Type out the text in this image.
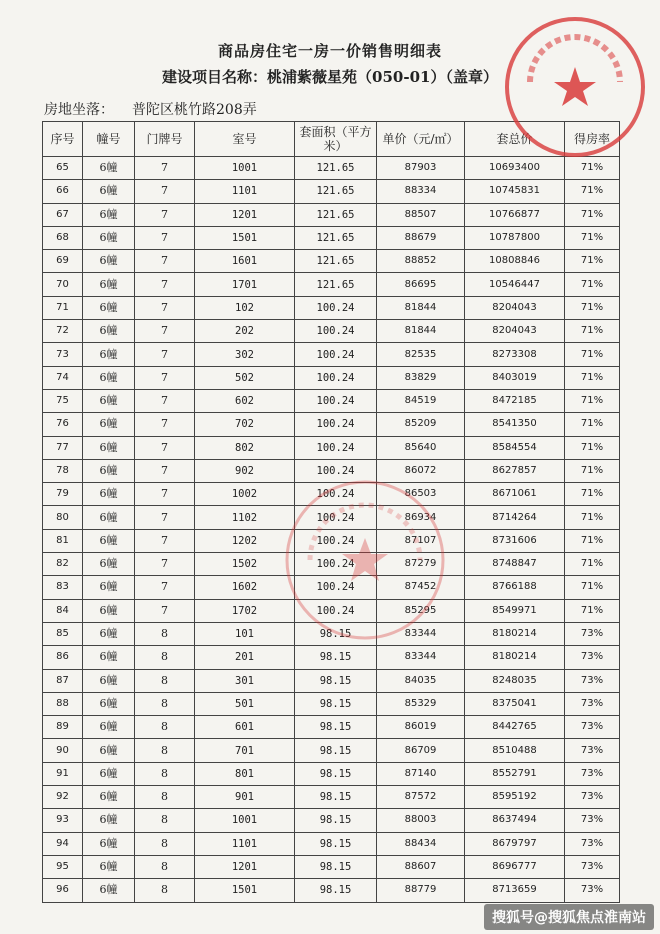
商品房住宅一房一价销售明细表
建设项目名称：桃浦紫薇星苑（050-01）（盖章）
房地坐落： 普陀区桃竹路208弄
序号	幢号	门牌号	室号	套面积（平方米）	单价（元/㎡）	套总价	得房率
65	6幢	7	1001	121.65	87903	10693400	71%
66	6幢	7	1101	121.65	88334	10745831	71%
67	6幢	7	1201	121.65	88507	10766877	71%
68	6幢	7	1501	121.65	88679	10787800	71%
69	6幢	7	1601	121.65	88852	10808846	71%
70	6幢	7	1701	121.65	86695	10546447	71%
71	6幢	7	102	100.24	81844	8204043	71%
72	6幢	7	202	100.24	81844	8204043	71%
73	6幢	7	302	100.24	82535	8273308	71%
74	6幢	7	502	100.24	83829	8403019	71%
75	6幢	7	602	100.24	84519	8472185	71%
76	6幢	7	702	100.24	85209	8541350	71%
77	6幢	7	802	100.24	85640	8584554	71%
78	6幢	7	902	100.24	86072	8627857	71%
79	6幢	7	1002	100.24	86503	8671061	71%
80	6幢	7	1102	100.24	86934	8714264	71%
81	6幢	7	1202	100.24	87107	8731606	71%
82	6幢	7	1502	100.24	87279	8748847	71%
83	6幢	7	1602	100.24	87452	8766188	71%
84	6幢	7	1702	100.24	85295	8549971	71%
85	6幢	8	101	98.15	83344	8180214	73%
86	6幢	8	201	98.15	83344	8180214	73%
87	6幢	8	301	98.15	84035	8248035	73%
88	6幢	8	501	98.15	85329	8375041	73%
89	6幢	8	601	98.15	86019	8442765	73%
90	6幢	8	701	98.15	86709	8510488	73%
91	6幢	8	801	98.15	87140	8552791	73%
92	6幢	8	901	98.15	87572	8595192	73%
93	6幢	8	1001	98.15	88003	8637494	73%
94	6幢	8	1101	98.15	88434	8679797	73%
95	6幢	8	1201	98.15	88607	8696777	73%
96	6幢	8	1501	98.15	88779	8713659	73%
搜狐号@搜狐焦点淮南站
